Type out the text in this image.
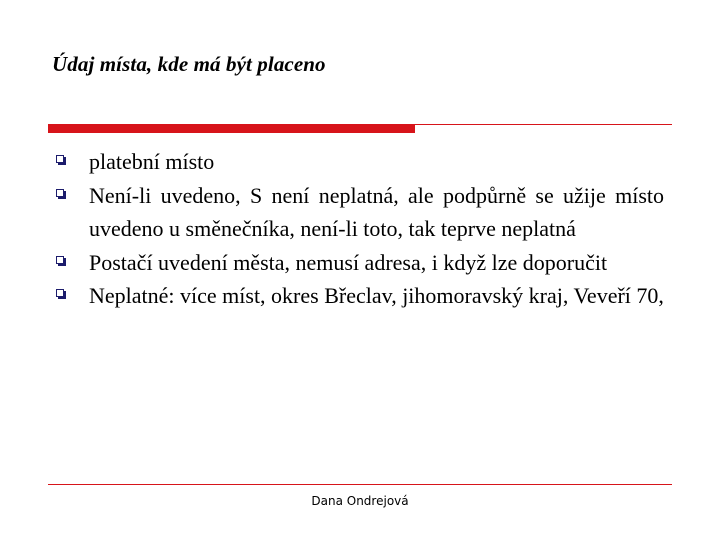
Údaj místa, kde má být placeno
platební místo
Není-li uvedeno, S není neplatná, ale podpůrně se užije místo uvedeno u směnečníka, není-li toto, tak teprve neplatná
Postačí uvedení města, nemusí adresa, i když lze doporučit
Neplatné: více míst, okres Břeclav, jihomoravský kraj, Veveří 70,
Dana Ondrejová
